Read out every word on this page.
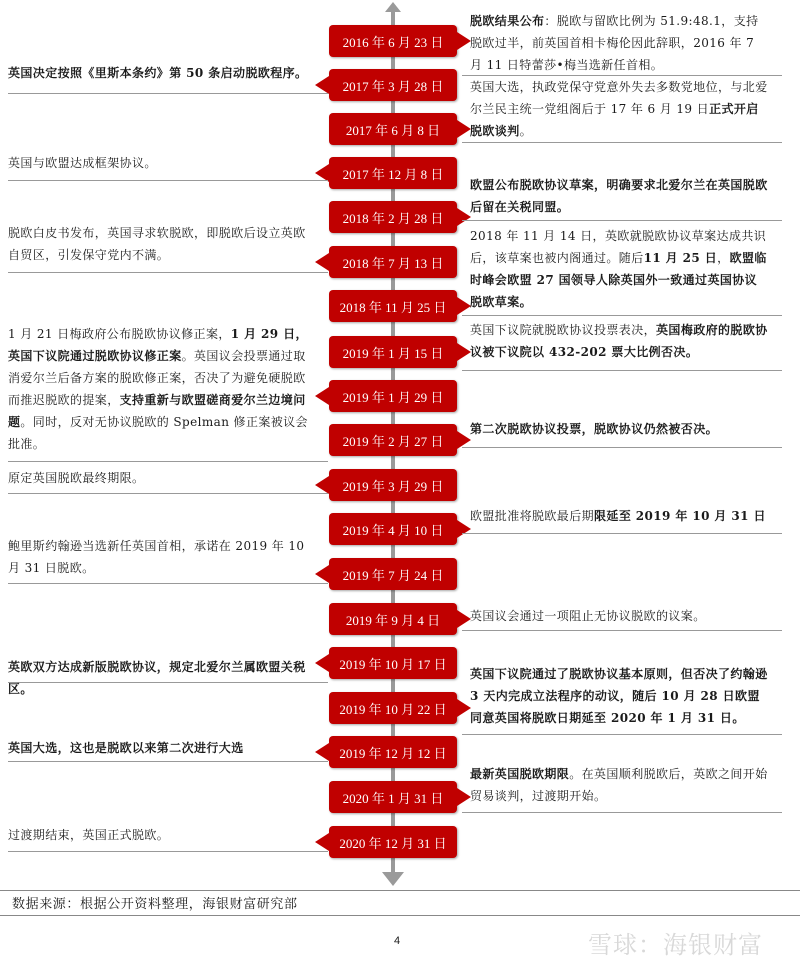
2016 年 6 月 23 日
2017 年 3 月 28 日
2017 年 6 月 8 日
2017 年 12 月 8 日
2018 年 2 月 28 日
2018 年 7 月 13 日
2018 年 11 月 25 日
2019 年 1 月 15 日
2019 年 1 月 29 日
2019 年 2 月 27 日
2019 年 3 月 29 日
2019 年 4 月 10 日
2019 年 7 月 24 日
2019 年 9 月 4 日
2019 年 10 月 17 日
2019 年 10 月 22 日
2019 年 12 月 12 日
2020 年 1 月 31 日
2020 年 12 月 31 日
脱欧结果公布：脱欧与留欧比例为 51.9:48.1，支持脱欧过半，前英国首相卡梅伦因此辞职，2016 年 7 月 11 日特蕾莎•梅当选新任首相。
英国决定按照《里斯本条约》第 50 条启动脱欧程序。
英国大选，执政党保守党意外失去多数党地位，与北爱尔兰民主统一党组阁后于 17 年 6 月 19 日正式开启脱欧谈判。
英国与欧盟达成框架协议。
欧盟公布脱欧协议草案，明确要求北爱尔兰在英国脱欧后留在关税同盟。
脱欧白皮书发布，英国寻求软脱欧，即脱欧后设立英欧自贸区，引发保守党内不满。
2018 年 11 月 14 日，英欧就脱欧协议草案达成共识后，该草案也被内阁通过。随后11 月 25 日，欧盟临时峰会欧盟 27 国领导人除英国外一致通过英国协议脱欧草案。
英国下议院就脱欧协议投票表决，英国梅政府的脱欧协议被下议院以 432-202 票大比例否决。
1 月 21 日梅政府公布脱欧协议修正案，1 月 29 日，英国下议院通过脱欧协议修正案。英国议会投票通过取消爱尔兰后备方案的脱欧修正案，否决了为避免硬脱欧而推迟脱欧的提案，支持重新与欧盟磋商爱尔兰边境问题。同时，反对无协议脱欧的 Spelman 修正案被议会批准。
第二次脱欧协议投票，脱欧协议仍然被否决。
原定英国脱欧最终期限。
欧盟批准将脱欧最后期限延至 2019 年 10 月 31 日
鲍里斯约翰逊当选新任英国首相，承诺在 2019 年 10 月 31 日脱欧。
英国议会通过一项阻止无协议脱欧的议案。
英欧双方达成新版脱欧协议，规定北爱尔兰属欧盟关税区。
英国下议院通过了脱欧协议基本原则，但否决了约翰逊 3 天内完成立法程序的动议，随后 10 月 28 日欧盟同意英国将脱欧日期延至 2020 年 1 月 31 日。
英国大选，这也是脱欧以来第二次进行大选
最新英国脱欧期限。在英国顺利脱欧后，英欧之间开始贸易谈判，过渡期开始。
过渡期结束，英国正式脱欧。
数据来源：根据公开资料整理，海银财富研究部
4	雪球：海银财富
